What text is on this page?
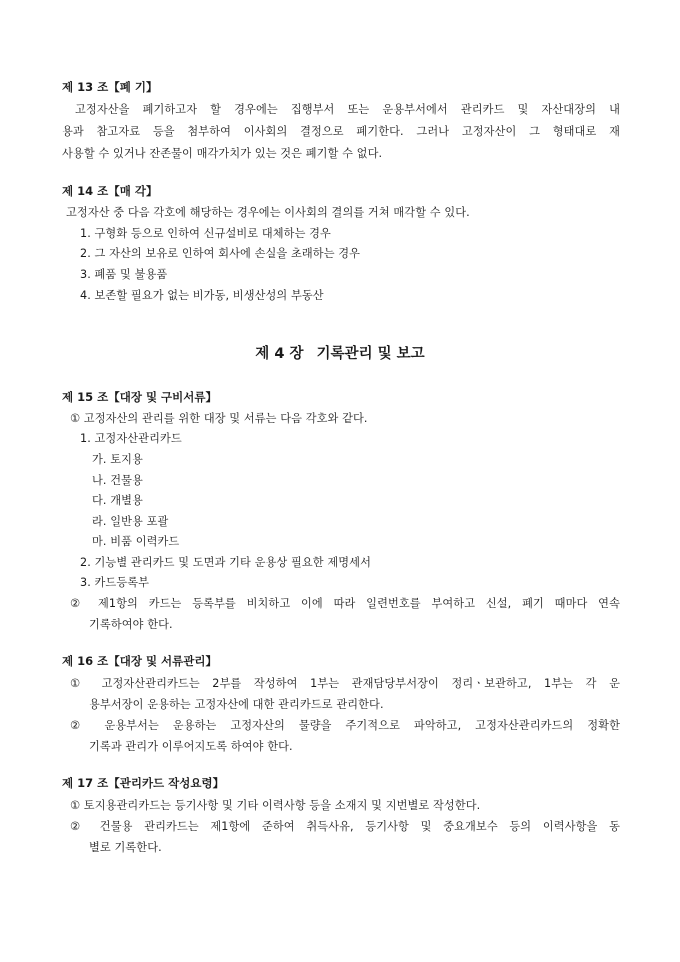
제 13 조【폐 기】
고정자산을 폐기하고자 할 경우에는 집행부서 또는 운용부서에서 관리카드 및 자산대장의 내
용과 참고자료 등을 첨부하여 이사회의 결정으로 폐기한다. 그러나 고정자산이 그 형태대로 재
사용할 수 있거나 잔존물이 매각가치가 있는 것은 폐기할 수 없다.
제 14 조【매 각】
고정자산 중 다음 각호에 해당하는 경우에는 이사회의 결의를 거쳐 매각할 수 있다.
1. 구형화 등으로 인하여 신규설비로 대체하는 경우
2. 그 자산의 보유로 인하여 회사에 손실을 초래하는 경우
3. 폐품 및 불용품
4. 보존할 필요가 없는 비가동, 비생산성의 부동산
제 4 장 기록관리 및 보고
제 15 조【대장 및 구비서류】
① 고정자산의 관리를 위한 대장 및 서류는 다음 각호와 같다.
1. 고정자산관리카드
가. 토지용
나. 건물용
다. 개별용
라. 일반용 포괄
마. 비품 이력카드
2. 기능별 관리카드 및 도면과 기타 운용상 필요한 제명세서
3. 카드등록부
② 제1항의 카드는 등록부를 비치하고 이에 따라 일련번호를 부여하고 신설, 폐기 때마다 연속
기록하여야 한다.
제 16 조【대장 및 서류관리】
① 고정자산관리카드는 2부를 작성하여 1부는 관재담당부서장이 정리ㆍ보관하고, 1부는 각 운
용부서장이 운용하는 고정자산에 대한 관리카드로 관리한다.
② 운용부서는 운용하는 고정자산의 물량을 주기적으로 파악하고, 고정자산관리카드의 정확한
기록과 관리가 이루어지도록 하여야 한다.
제 17 조【관리카드 작성요령】
① 토지용관리카드는 등기사항 및 기타 이력사항 등을 소재지 및 지번별로 작성한다.
② 건물용 관리카드는 제1항에 준하여 취득사유, 등기사항 및 중요개보수 등의 이력사항을 동
별로 기록한다.
